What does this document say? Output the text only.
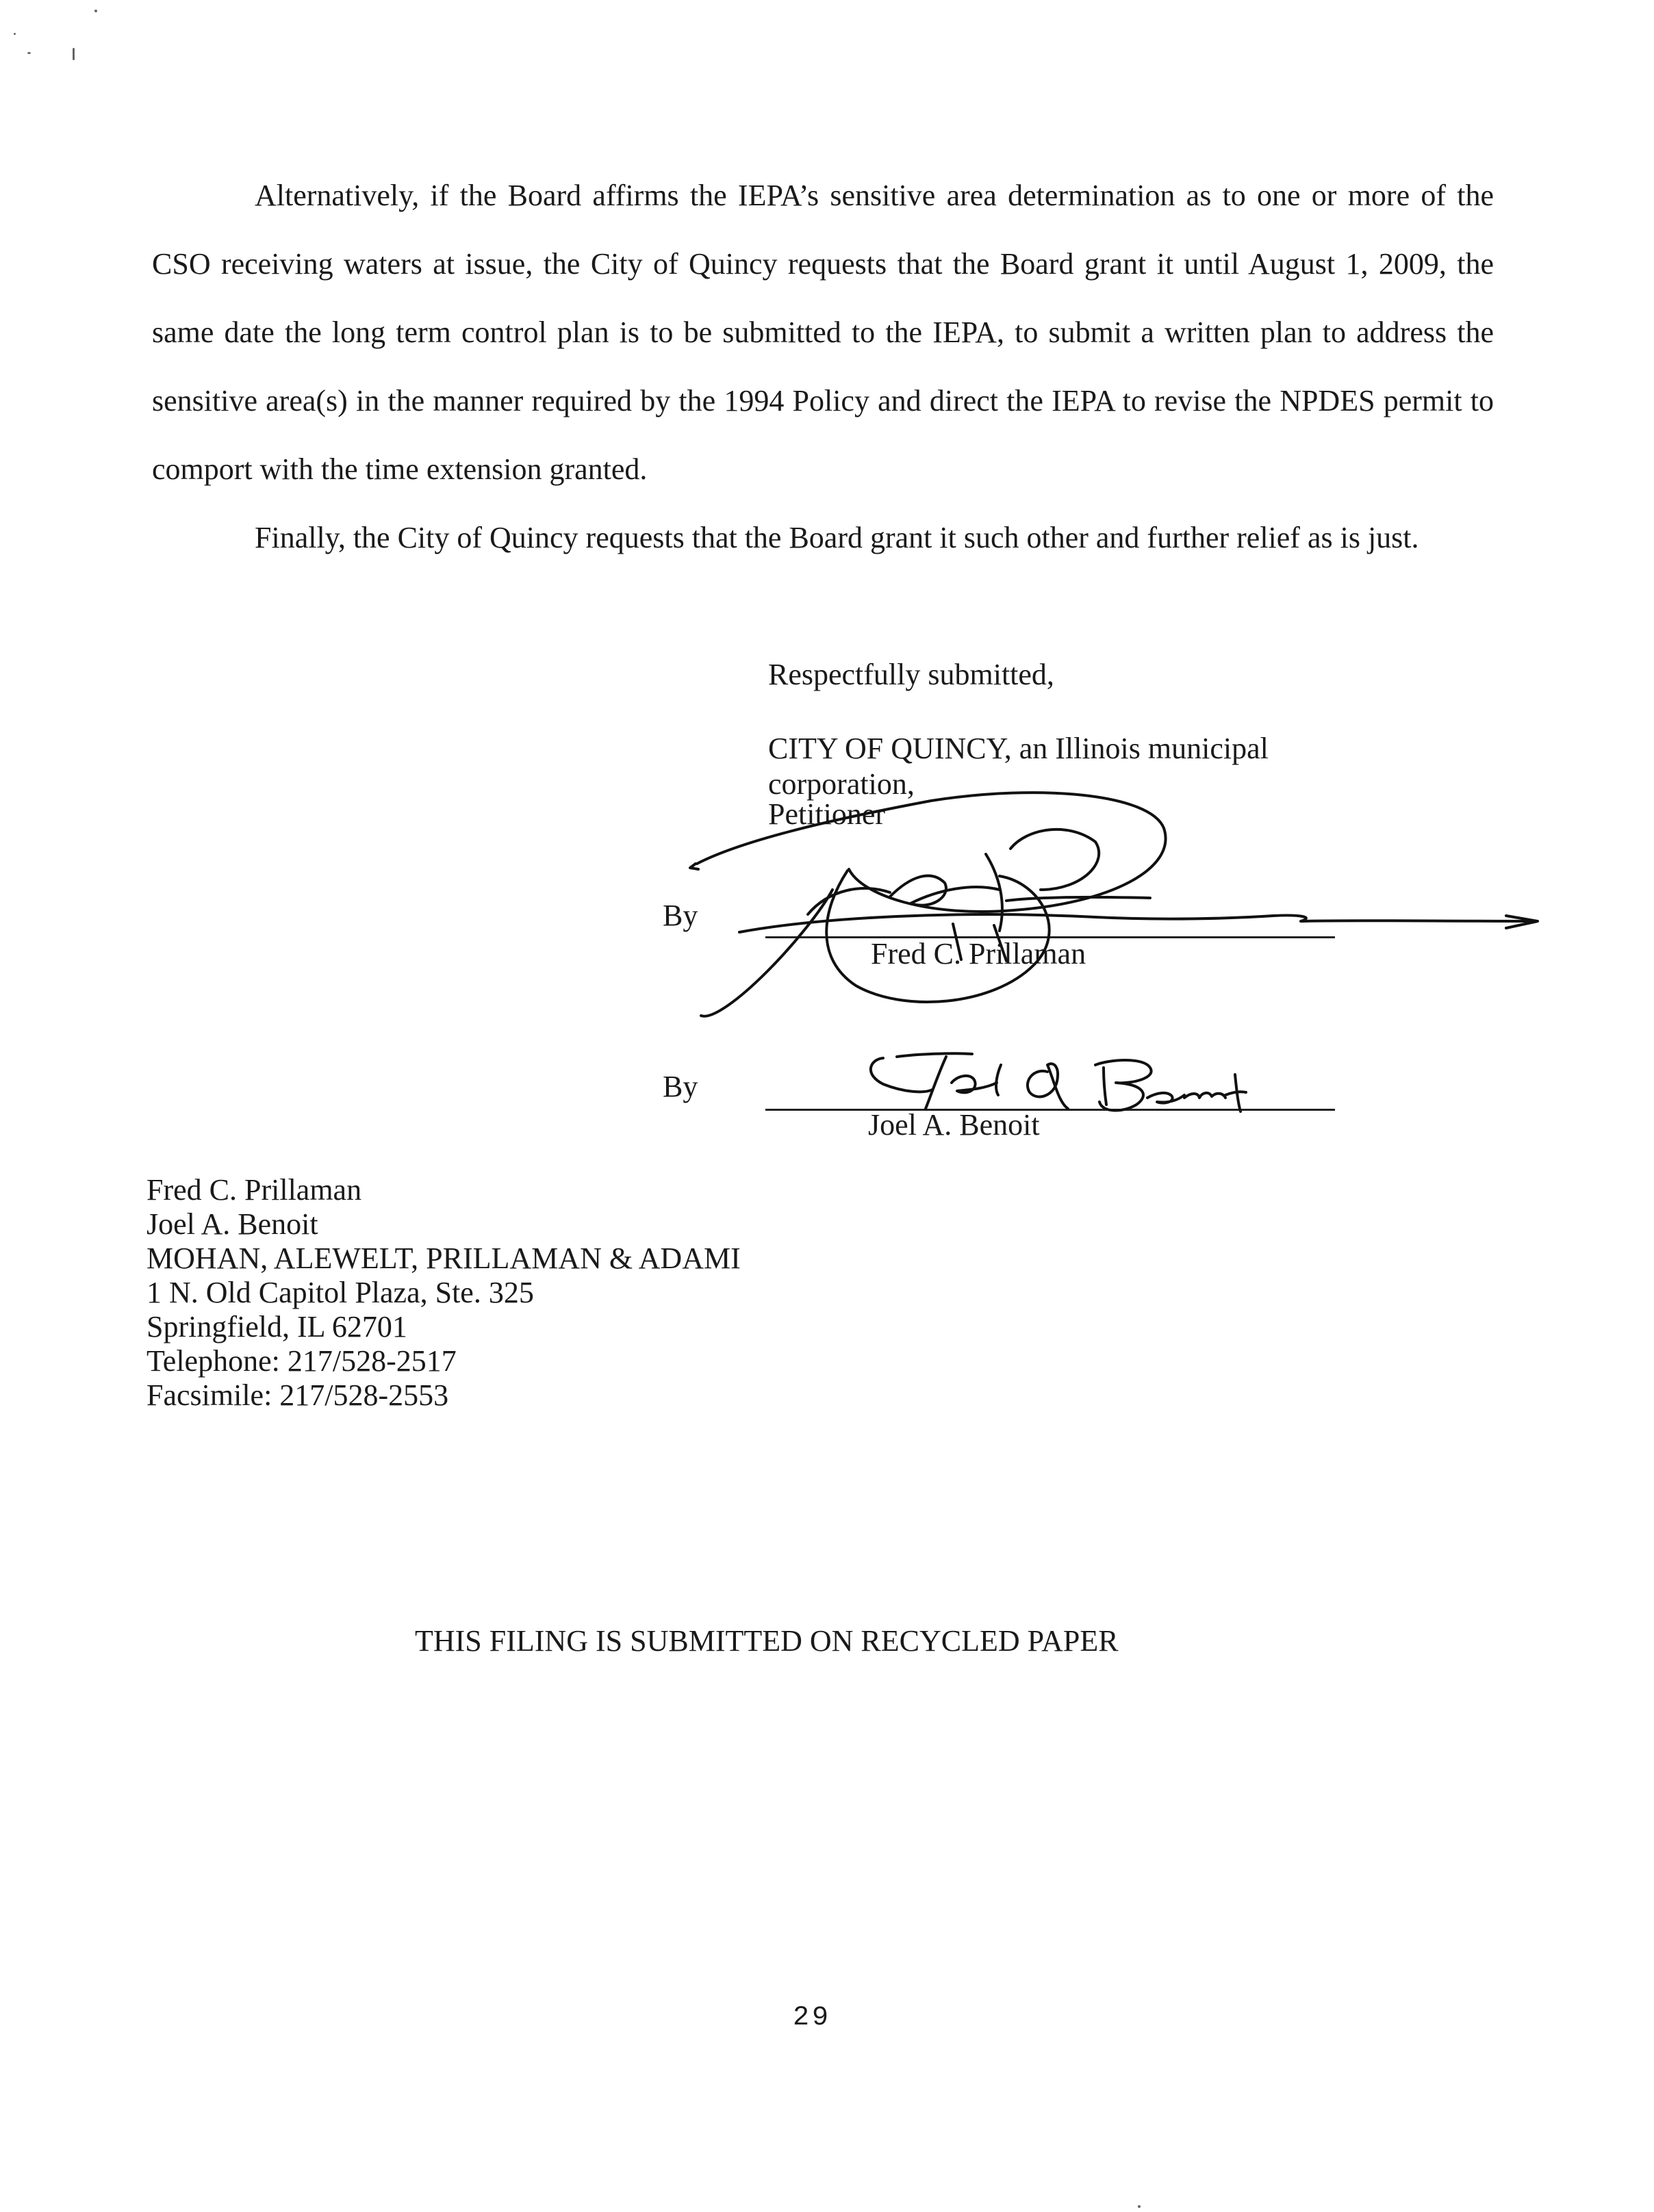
Alternatively, if the Board affirms the IEPA’s sensitive area determination as to one or more of the CSO receiving waters at issue, the City of Quincy requests that the Board grant it until August 1, 2009, the same date the long term control plan is to be submitted to the IEPA, to submit a written plan to address the sensitive area(s) in the manner required by the 1994 Policy and direct the IEPA to revise the NPDES permit to comport with the time extension granted.

Finally, the City of Quincy requests that the Board grant it such other and further relief as is just.

Respectfully submitted,
CITY OF QUINCY, an Illinois municipal
corporation,
Petitioner
By
Fred C. Prillaman
By
Joel A. Benoit
Fred C. Prillaman
Joel A. Benoit
MOHAN, ALEWELT, PRILLAMAN & ADAMI
1 N. Old Capitol Plaza, Ste. 325
Springfield, IL 62701
Telephone: 217/528-2517
Facsimile: 217/528-2553
THIS FILING IS SUBMITTED ON RECYCLED PAPER
29
